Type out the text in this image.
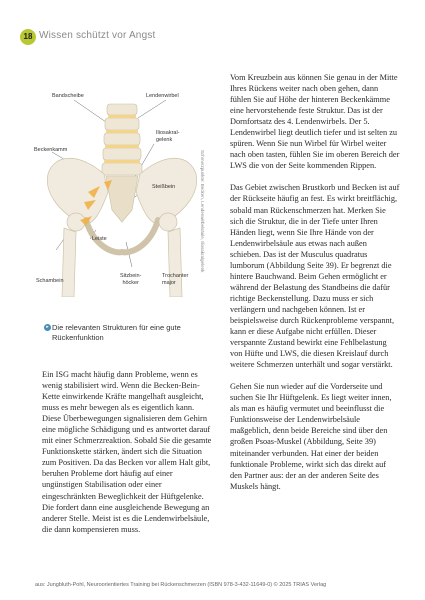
18 Wissen schützt vor Angst
Bandscheibe	Lendenwirbel
Iliosakral-
gelenk
Beckenkamm
Steißbein
Leiste
Schambein
Sitzbein-
höcker
Trochanter
major
Schmerzpunkte: Becken, Lendenwirbelsäule, Iliosakralgelenk
▸ Die relevanten Strukturen für eine gute Rückenfunktion

Ein ISG macht häufig dann Probleme, wenn es wenig stabilisiert wird. Wenn die Becken-Bein-Kette einwirkende Kräfte mangelhaft ausgleicht, muss es mehr bewegen als es eigentlich kann. Diese Überbewegungen signalisieren dem Gehirn eine mögliche Schädigung und es antwortet darauf mit einer Schmerzreaktion. Sobald Sie die gesamte Funktionskette stärken, ändert sich die Situation zum Positiven. Da das Becken vor allem Halt gibt, beruhen Probleme dort häufig auf einer ungünstigen Stabilisation oder einer eingeschränkten Beweglichkeit der Hüftgelenke. Die fordert dann eine ausgleichende Bewegung an anderer Stelle. Meist ist es die Lendenwirbelsäule, die dann kompensieren muss.

Vom Kreuzbein aus können Sie genau in der Mitte Ihres Rückens weiter nach oben gehen, dann fühlen Sie auf Höhe der hinteren Beckenkämme eine hervorstehende feste Struktur. Das ist der Dornfortsatz des 4. Lendenwirbels. Der 5. Lendenwirbel liegt deutlich tiefer und ist selten zu spüren. Wenn Sie nun Wirbel für Wirbel weiter nach oben tasten, fühlen Sie im oberen Bereich der LWS die von der Seite kommenden Rippen.

Das Gebiet zwischen Brustkorb und Becken ist auf der Rückseite häufig an fest. Es wirkt breitflächig, sobald man Rückenschmerzen hat. Merken Sie sich die Struktur, die in der Tiefe unter Ihren Händen liegt, wenn Sie Ihre Hände von der Lendenwirbelsäule aus etwas nach außen schieben. Das ist der Musculus quadratus lumborum (Abbildung Seite 39). Er begrenzt die hintere Bauchwand. Beim Gehen ermöglicht er während der Belastung des Standbeins die dafür richtige Beckenstellung. Dazu muss er sich verlängern und nachgeben können. Ist er beispielsweise durch Rückenprobleme verspannt, kann er diese Aufgabe nicht erfüllen. Dieser verspannte Zustand bewirkt eine Fehlbelastung von Hüfte und LWS, die diesen Kreislauf durch weitere Schmerzen unterhält und sogar verstärkt.

Gehen Sie nun wieder auf die Vorderseite und suchen Sie Ihr Hüftgelenk. Es liegt weiter innen, als man es häufig vermutet und beeinflusst die Funktionsweise der Lendenwirbelsäule maßgeblich, denn beide Bereiche sind über den großen Psoas-Muskel (Abbildung, Seite 39) miteinander verbunden. Hat einer der beiden funktionale Probleme, wirkt sich das direkt auf den Partner aus: der an der anderen Seite des Muskels hängt.

aus: Jungbluth-Pohl, Neuroorientiertes Training bei Rückenschmerzen (ISBN 978-3-432-11649-0) © 2025 TRIAS Verlag
